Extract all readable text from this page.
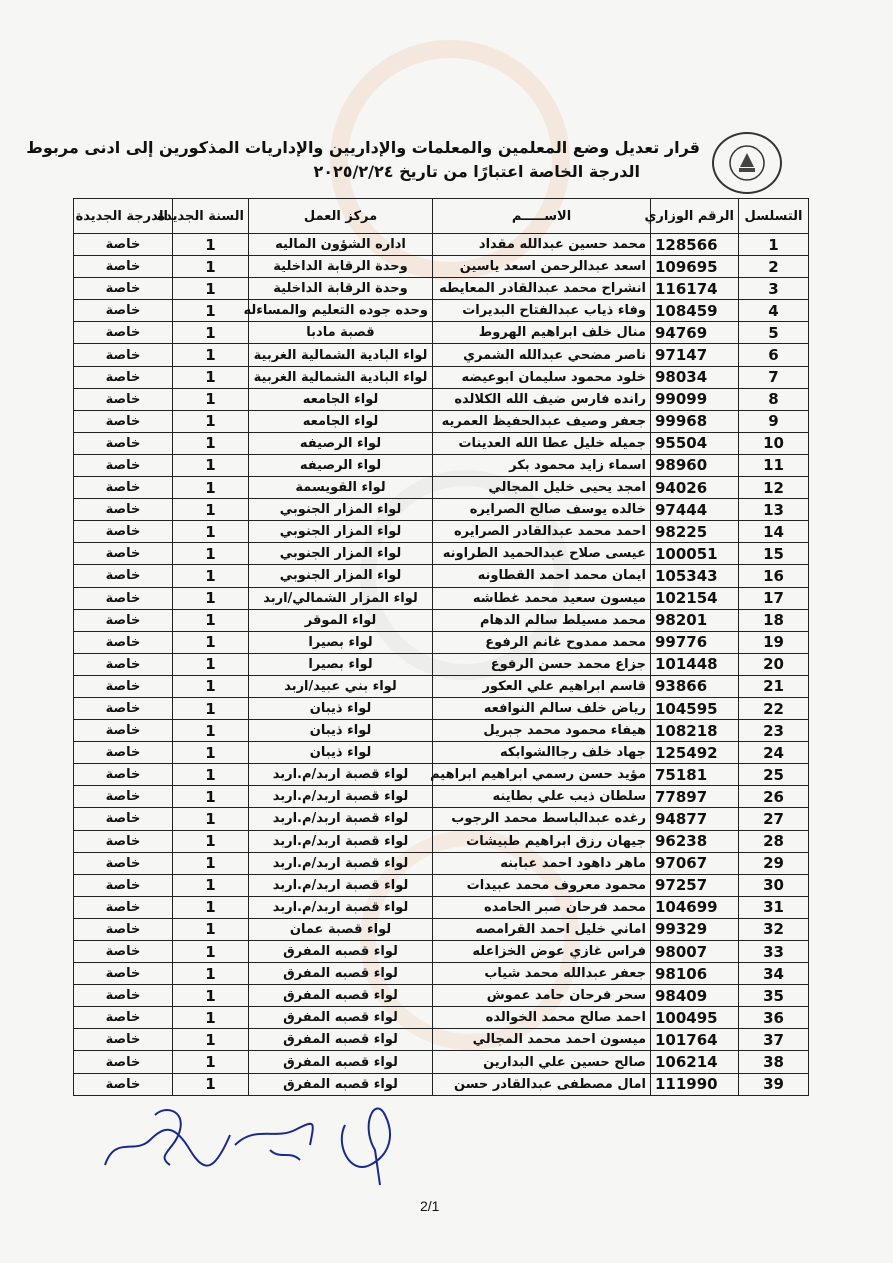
قرار تعديل وضع المعلمين والمعلمات والإداريين والإداريات المذكورين إلى ادنى مربوط
الدرجة الخاصة اعتبارًا من تاريخ ٢٠٢٥/٢/٢٤
التسلسل	الرقم الوزاري	الاســـــم	مركز العمل	السنة الجديدة	الدرجة الجديدة
1	128566	محمد حسين عبدالله مقداد	اداره الشؤون الماليه	1	خاصة
2	109695	اسعد عبدالرحمن اسعد ياسين	وحدة الرقابة الداخلية	1	خاصة
3	116174	انشراح محمد عبدالقادر المعايطه	وحدة الرقابة الداخلية	1	خاصة
4	108459	وفاء ذياب عبدالفتاح البديرات	وحده جوده التعليم والمساءله	1	خاصة
5	94769	منال خلف ابراهيم الهروط	قصبة مادبا	1	خاصة
6	97147	ناصر مضحي عبدالله الشمري	لواء البادية الشمالية الغربية	1	خاصة
7	98034	خلود محمود سليمان ابوعيضه	لواء البادية الشمالية الغربية	1	خاصة
8	99099	رانده فارس ضيف الله الكلالده	لواء الجامعه	1	خاصة
9	99968	جعفر وصيف عبدالحفيظ العمريه	لواء الجامعه	1	خاصة
10	95504	جميله خليل عطا الله العدينات	لواء الرصيفه	1	خاصة
11	98960	اسماء زايد محمود بكر	لواء الرصيفه	1	خاصة
12	94026	امجد يحيى خليل المجالي	لواء القويسمة	1	خاصة
13	97444	خالده يوسف صالح الصرايره	لواء المزار الجنوبي	1	خاصة
14	98225	احمد محمد عبدالقادر الصرايره	لواء المزار الجنوبي	1	خاصة
15	100051	عيسى صلاح عبدالحميد الطراونه	لواء المزار الجنوبي	1	خاصة
16	105343	ايمان محمد احمد القطاونه	لواء المزار الجنوبي	1	خاصة
17	102154	ميسون سعيد محمد غطاشه	لواء المزار الشمالي/اربد	1	خاصة
18	98201	محمد مسيلط سالم الدهام	لواء الموقر	1	خاصة
19	99776	محمد ممدوح غانم الرفوع	لواء بصيرا	1	خاصة
20	101448	جزاع محمد حسن الرفوع	لواء بصيرا	1	خاصة
21	93866	قاسم ابراهيم علي العكور	لواء بني عبيد/اربد	1	خاصة
22	104595	رياض خلف سالم النوافعه	لواء ذيبان	1	خاصة
23	108218	هيفاء محمود محمد جبريل	لواء ذيبان	1	خاصة
24	125492	جهاد خلف رجاالشوابكه	لواء ذيبان	1	خاصة
25	75181	مؤيد حسن رسمي ابراهيم ابراهيم	لواء قصبة اربد/م.اربد	1	خاصة
26	77897	سلطان ذيب علي بطاينه	لواء قصبة اربد/م.اربد	1	خاصة
27	94877	رغده عبدالباسط محمد الرجوب	لواء قصبة اربد/م.اربد	1	خاصة
28	96238	جيهان رزق ابراهيم طبيشات	لواء قصبة اربد/م.اربد	1	خاصة
29	97067	ماهر داهود احمد عبابنه	لواء قصبة اربد/م.اربد	1	خاصة
30	97257	محمود معروف محمد عبيدات	لواء قصبة اربد/م.اربد	1	خاصة
31	104699	محمد فرحان صبر الحامده	لواء قصبة اربد/م.اربد	1	خاصة
32	99329	اماني خليل احمد القرامصه	لواء قصبة عمان	1	خاصة
33	98007	فراس غازي عوض الخزاعله	لواء قصبه المفرق	1	خاصة
34	98106	جعفر عبدالله محمد شياب	لواء قصبه المفرق	1	خاصة
35	98409	سحر فرحان حامد عموش	لواء قصبه المفرق	1	خاصة
36	100495	احمد صالح محمد الخوالده	لواء قصبه المفرق	1	خاصة
37	101764	ميسون احمد محمد المجالي	لواء قصبه المفرق	1	خاصة
38	106214	صالح حسين علي البدارين	لواء قصبه المفرق	1	خاصة
39	111990	امال مصطفى عبدالقادر حسن	لواء قصبه المفرق	1	خاصة
2/1
